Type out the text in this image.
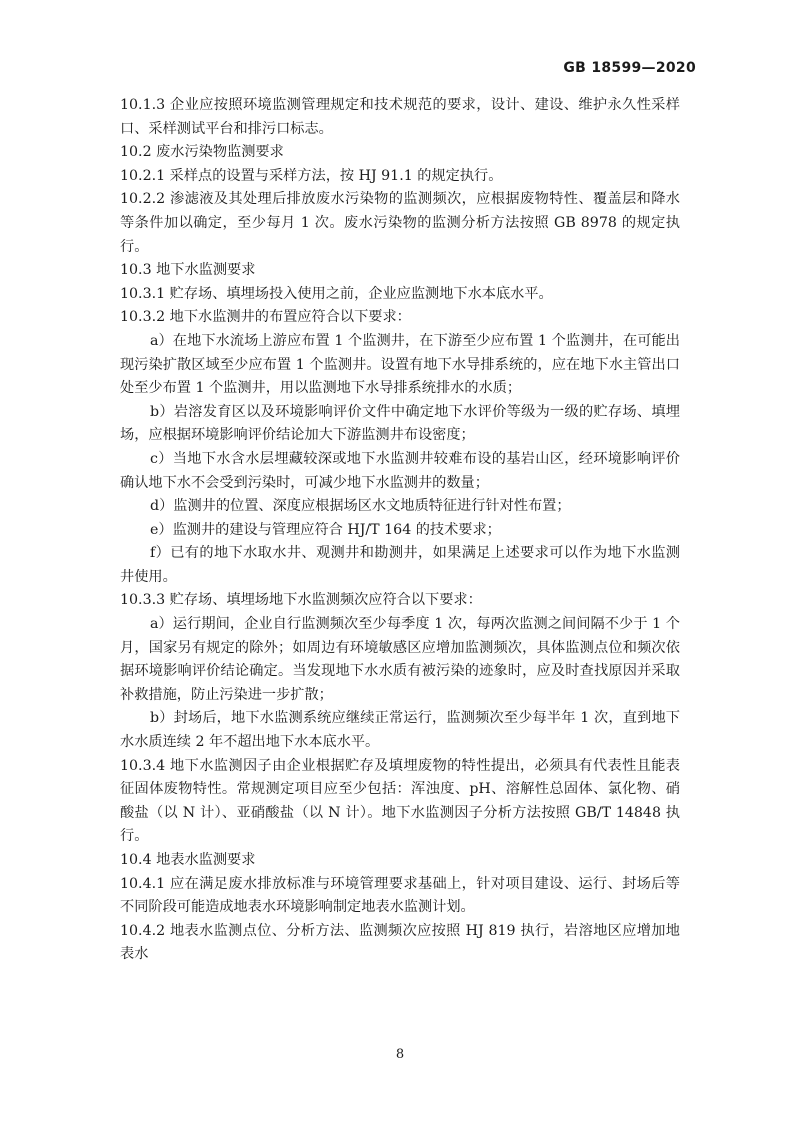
GB 18599—2020

10.1.3 企业应按照环境监测管理规定和技术规范的要求，设计、建设、维护永久性采样口、采样测试平台和排污口标志。

10.2 废水污染物监测要求

10.2.1 采样点的设置与采样方法，按 HJ 91.1 的规定执行。

10.2.2 渗滤液及其处理后排放废水污染物的监测频次，应根据废物特性、覆盖层和降水等条件加以确定，至少每月 1 次。废水污染物的监测分析方法按照 GB 8978 的规定执行。

10.3 地下水监测要求

10.3.1 贮存场、填埋场投入使用之前，企业应监测地下水本底水平。

10.3.2 地下水监测井的布置应符合以下要求：

a）在地下水流场上游应布置 1 个监测井，在下游至少应布置 1 个监测井，在可能出现污染扩散区域至少应布置 1 个监测井。设置有地下水导排系统的，应在地下水主管出口处至少布置 1 个监测井，用以监测地下水导排系统排水的水质；

b）岩溶发育区以及环境影响评价文件中确定地下水评价等级为一级的贮存场、填埋场，应根据环境影响评价结论加大下游监测井布设密度；

c）当地下水含水层埋藏较深或地下水监测井较难布设的基岩山区，经环境影响评价确认地下水不会受到污染时，可减少地下水监测井的数量；

d）监测井的位置、深度应根据场区水文地质特征进行针对性布置；

e）监测井的建设与管理应符合 HJ/T 164 的技术要求；

f）已有的地下水取水井、观测井和勘测井，如果满足上述要求可以作为地下水监测井使用。

10.3.3 贮存场、填埋场地下水监测频次应符合以下要求：

a）运行期间，企业自行监测频次至少每季度 1 次，每两次监测之间间隔不少于 1 个月，国家另有规定的除外；如周边有环境敏感区应增加监测频次，具体监测点位和频次依据环境影响评价结论确定。当发现地下水水质有被污染的迹象时，应及时查找原因并采取补救措施，防止污染进一步扩散；

b）封场后，地下水监测系统应继续正常运行，监测频次至少每半年 1 次，直到地下水水质连续 2 年不超出地下水本底水平。

10.3.4 地下水监测因子由企业根据贮存及填埋废物的特性提出，必须具有代表性且能表征固体废物特性。常规测定项目应至少包括：浑浊度、pH、溶解性总固体、氯化物、硝酸盐（以 N 计）、亚硝酸盐（以 N 计）。地下水监测因子分析方法按照 GB/T 14848 执行。

10.4 地表水监测要求

10.4.1 应在满足废水排放标准与环境管理要求基础上，针对项目建设、运行、封场后等不同阶段可能造成地表水环境影响制定地表水监测计划。

10.4.2 地表水监测点位、分析方法、监测频次应按照 HJ 819 执行，岩溶地区应增加地表水

8
